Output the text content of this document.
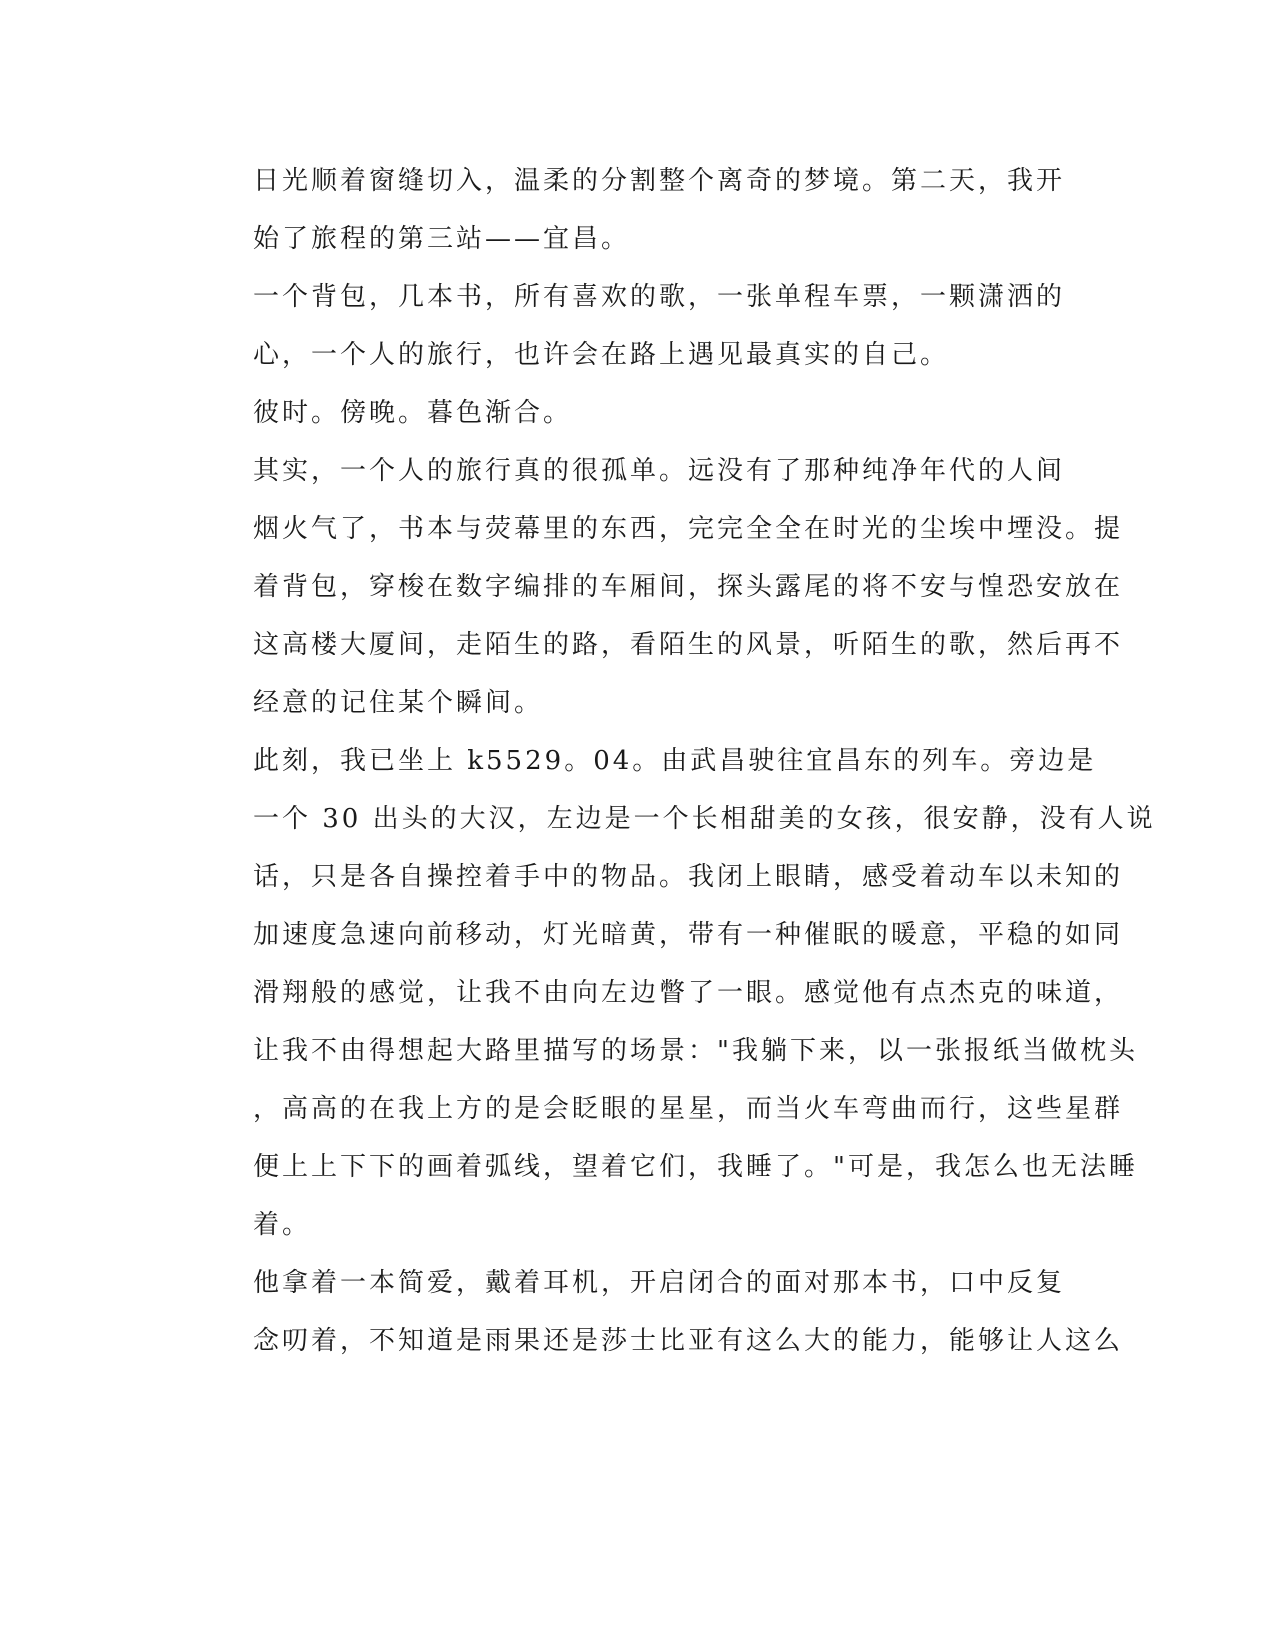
日光顺着窗缝切入，温柔的分割整个离奇的梦境。第二天，我开
始了旅程的第三站——宜昌。

一个背包，几本书，所有喜欢的歌，一张单程车票，一颗潇洒的
心，一个人的旅行，也许会在路上遇见最真实的自己。

彼时。傍晚。暮色渐合。

其实，一个人的旅行真的很孤单。远没有了那种纯净年代的人间
烟火气了，书本与荧幕里的东西，完完全全在时光的尘埃中堙没。提
着背包，穿梭在数字编排的车厢间，探头露尾的将不安与惶恐安放在
这高楼大厦间，走陌生的路，看陌生的风景，听陌生的歌，然后再不
经意的记住某个瞬间。

此刻，我已坐上 k5529。04。由武昌驶往宜昌东的列车。旁边是
一个 30 出头的大汉，左边是一个长相甜美的女孩，很安静，没有人说
话，只是各自操控着手中的物品。我闭上眼睛，感受着动车以未知的
加速度急速向前移动，灯光暗黄，带有一种催眠的暖意，平稳的如同
滑翔般的感觉，让我不由向左边瞥了一眼。感觉他有点杰克的味道，
让我不由得想起大路里描写的场景："我躺下来，以一张报纸当做枕头
，高高的在我上方的是会眨眼的星星，而当火车弯曲而行，这些星群
便上上下下的画着弧线，望着它们，我睡了。"可是，我怎么也无法睡
着。

他拿着一本简爱，戴着耳机，开启闭合的面对那本书，口中反复
念叨着，不知道是雨果还是莎士比亚有这么大的能力，能够让人这么
